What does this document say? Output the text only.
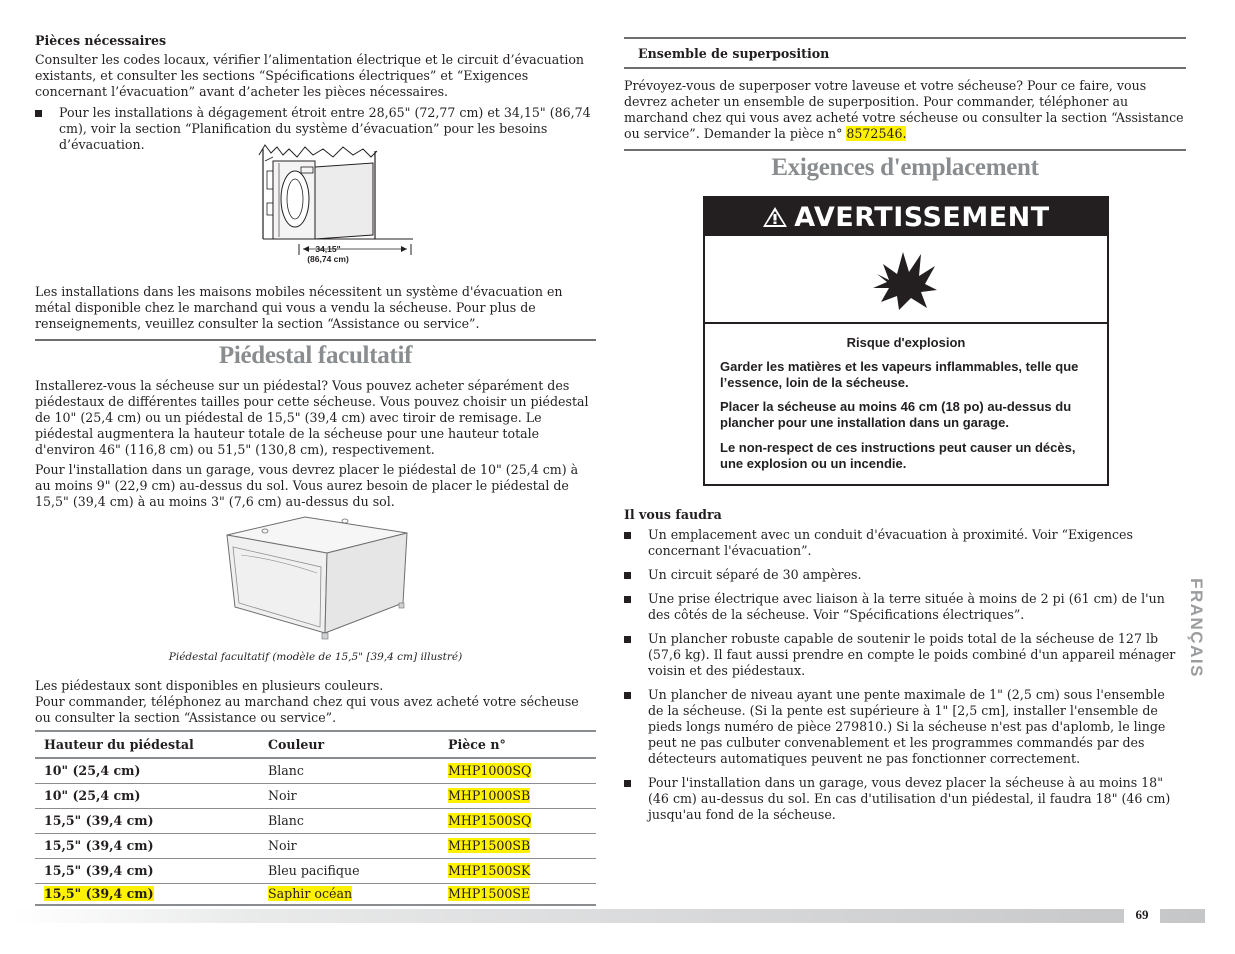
Pièces nécessaires
Consulter les codes locaux, vérifier l’alimentation électrique et le circuit d’évacuation existants, et consulter les sections “Spécifications électriques” et “Exigences concernant l’évacuation” avant d’acheter les pièces nécessaires.
Pour les installations à dégagement étroit entre 28,65" (72,77 cm) et 34,15" (86,74 cm), voir la section “Planification du système d’évacuation” pour les besoins d’évacuation.
34,15"
(86,74 cm)
Les installations dans les maisons mobiles nécessitent un système d'évacuation en métal disponible chez le marchand qui vous a vendu la sécheuse. Pour plus de renseignements, veuillez consulter la section “Assistance ou service”.
Piédestal facultatif
Installerez-vous la sécheuse sur un piédestal? Vous pouvez acheter séparément des piédestaux de différentes tailles pour cette sécheuse. Vous pouvez choisir un piédestal de 10" (25,4 cm) ou un piédestal de 15,5" (39,4 cm) avec tiroir de remisage. Le piédestal augmentera la hauteur totale de la sécheuse pour une hauteur totale d'environ 46" (116,8 cm) ou 51,5" (130,8 cm), respectivement.
Pour l'installation dans un garage, vous devrez placer le piédestal de 10" (25,4 cm) à au moins 9" (22,9 cm) au-dessus du sol. Vous aurez besoin de placer le piédestal de 15,5" (39,4 cm) à au moins 3" (7,6 cm) au-dessus du sol.
Piédestal facultatif (modèle de 15,5" [39,4 cm] illustré)
Les piédestaux sont disponibles en plusieurs couleurs.
Pour commander, téléphonez au marchand chez qui vous avez acheté votre sécheuse ou consulter la section “Assistance ou service”.
Hauteur du piédestal	Couleur	Pièce n°
10" (25,4 cm)	Blanc	MHP1000SQ
10" (25,4 cm)	Noir	MHP1000SB
15,5" (39,4 cm)	Blanc	MHP1500SQ
15,5" (39,4 cm)	Noir	MHP1500SB
15,5" (39,4 cm)	Bleu pacifique	MHP1500SK
15,5" (39,4 cm)	Saphir océan	MHP1500SE
Ensemble de superposition
Prévoyez-vous de superposer votre laveuse et votre sécheuse? Pour ce faire, vous devrez acheter un ensemble de superposition. Pour commander, téléphoner au marchand chez qui vous avez acheté votre sécheuse ou consulter la section “Assistance ou service”. Demander la pièce n° 8572546.
Exigences d'emplacement
AVERTISSEMENT
Risque d'explosion
Garder les matières et les vapeurs inflammables, telle que l’essence, loin de la sécheuse.
Placer la sécheuse au moins 46 cm (18 po) au-dessus du plancher pour une installation dans un garage.
Le non-respect de ces instructions peut causer un décès, une explosion ou un incendie.
Il vous faudra
Un emplacement avec un conduit d'évacuation à proximité. Voir “Exigences concernant l'évacuation”.
Un circuit séparé de 30 ampères.
Une prise électrique avec liaison à la terre située à moins de 2 pi (61 cm) de l'un des côtés de la sécheuse. Voir “Spécifications électriques”.
Un plancher robuste capable de soutenir le poids total de la sécheuse de 127 lb (57,6 kg). Il faut aussi prendre en compte le poids combiné d'un appareil ménager voisin et des piédestaux.
Un plancher de niveau ayant une pente maximale de 1" (2,5 cm) sous l'ensemble de la sécheuse. (Si la pente est supérieure à 1" [2,5 cm], installer l'ensemble de pieds longs numéro de pièce 279810.) Si la sécheuse n'est pas d'aplomb, le linge peut ne pas culbuter convenablement et les programmes commandés par des détecteurs automatiques peuvent ne pas fonctionner correctement.
Pour l'installation dans un garage, vous devez placer la sécheuse à au moins 18" (46 cm) au-dessus du sol. En cas d'utilisation d'un piédestal, il faudra 18" (46 cm) jusqu'au fond de la sécheuse.
FRANÇAIS
69
